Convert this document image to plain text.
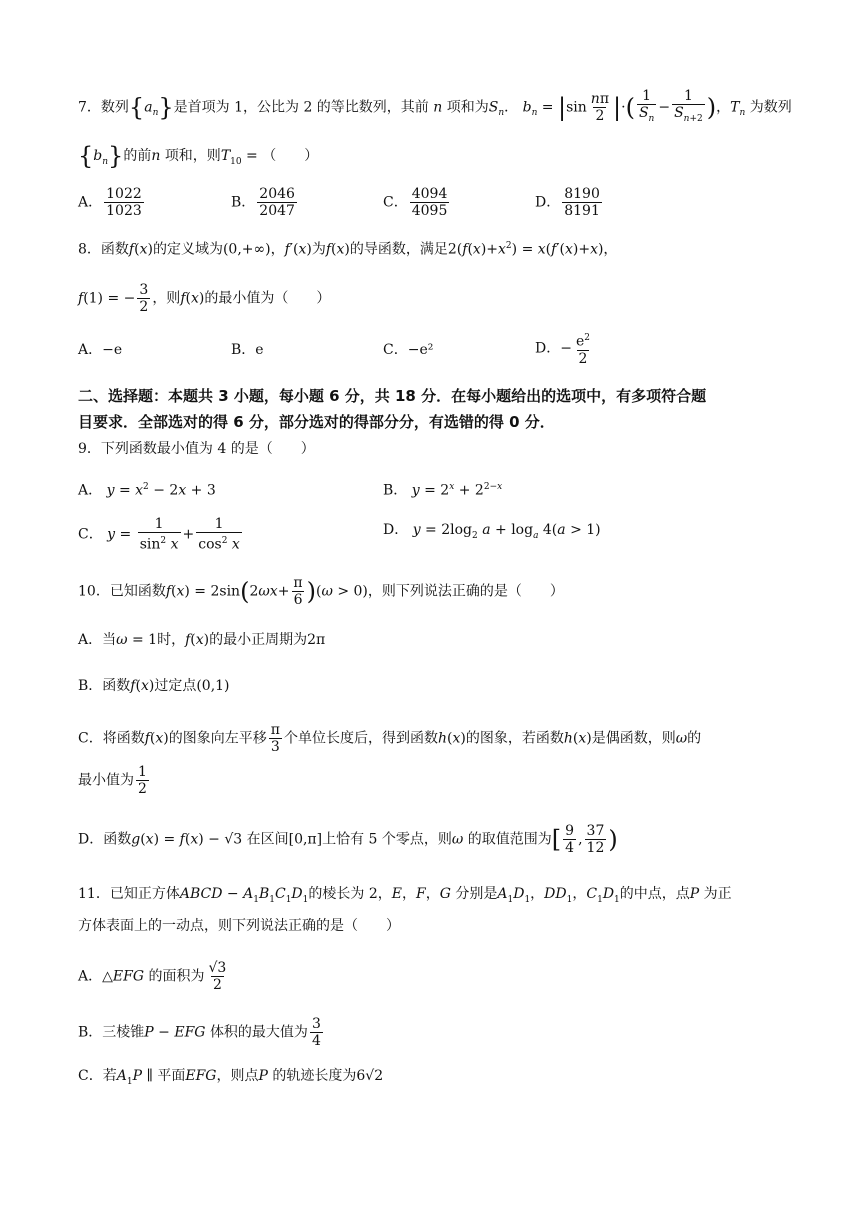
7．数列$\{a_n\}$是首项为 1，公比为 2 的等比数列，其前 n 项和为$S_n$． $b_n = |\sin \frac{n\pi}{2}$ |·( $\frac{1}{S_n} - \frac{1}{S_{n+2}}$ )，$T_n$ 为数列
$\{b_n\}$的前n 项和，则$T_{10}$ = （　　）
A． $\frac{1022}{1023}$	B． $\frac{2046}{2047}$	C． $\frac{4094}{4095}$	D． $\frac{8190}{8191}$
8．函数f(x)的定义域为(0,+∞)，f′(x)为f(x)的导函数，满足$2(f(x)+x^2) = x(f'(x)+x)$，
f(1) = − $\frac{3}{2}$ ，则f(x)的最小值为（　　）
A．−e	B．e	C．−e²	D．− $\frac{e^2}{2}$
二、选择题：本题共 3 小题，每小题 6 分，共 18 分．在每小题给出的选项中，有多项符合题
目要求．全部选对的得 6 分，部分选对的得部分分，有选错的得 0 分．
9．下列函数最小值为 4 的是（　　）
A． $y = x^2 - 2x + 3$	B． $y = 2^x + 2^{2-x}$
C． $y = \frac{1}{\sin^2 x} + \frac{1}{\cos^2 x}$	D． $y = 2\log_2$ $a + \log_a 4(a > 1)$
10．已知函数$f(x) = 2\sin(2\omega x+ \frac{\pi}{6} )(\omega > 0)$，则下列说法正确的是（　　）
A．当ω = 1时，f(x)的最小正周期为2π
B．函数f(x)过定点(0,1)
C．将函数f(x)的图象向左平移 $\frac{\pi}{3}$ 个单位长度后，得到函数h(x)的图象，若函数h(x)是偶函数，则ω的
最小值为 $\frac{1}{2}$
D．函数g(x) = f(x) − √3 在区间[0,π]上恰有 5 个零点，则ω 的取值范围为[ $\frac{9}{4}$ , $\frac{37}{12}$ )
11．已知正方体ABCD − $A_1B_1C_1D_1$的棱长为 2，E，F，G 分别是$A_1D_1$，$DD_1$，$C_1D_1$的中点，点P 为正
方体表面上的一动点，则下列说法正确的是（　　）
A．△EFG 的面积为 $\frac{√3}{2}$
B．三棱锥P − EFG 体积的最大值为 $\frac{3}{4}$
C．若$A_1P$ ∥ 平面EFG，则点P 的轨迹长度为6√2
